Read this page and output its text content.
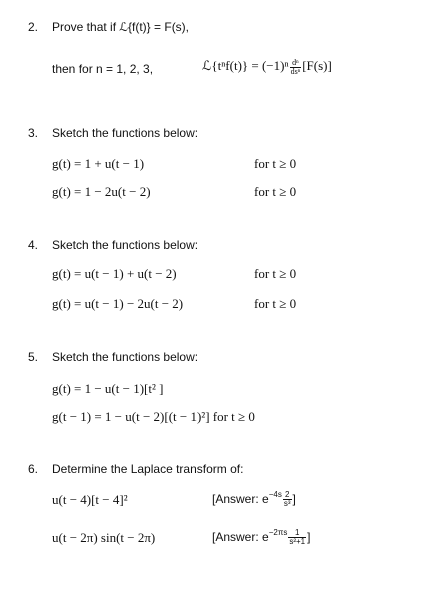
2. Prove that if ℒ{f(t)} = F(s),
then for n = 1, 2, 3,	ℒ{tⁿf(t)} = $(-1)^n \frac{\text{dⁿ}}{\text{dsⁿ}} [F(s)]$
3. Sketch the functions below:
g(t) = 1 + u(t − 1)	for t ≥ 0
g(t) = 1 − 2u(t − 2)	for t ≥ 0
4. Sketch the functions below:
g(t) = u(t − 1) + u(t − 2)	for t ≥ 0
g(t) = u(t − 1) − 2u(t − 2)	for t ≥ 0
5. Sketch the functions below:
g(t) = 1 − u(t − 1)[t² ]
g(t − 1) = 1 − u(t − 2)[(t − 1)²] for t ≥ 0
6. Determine the Laplace transform of:
u(t − 4)[t − 4]²	[Answer: $e^{-4s} \frac{2}{\text{s³}}$ ]
u(t − 2π) sin(t − 2π)	[Answer: $e^{-2\pi s} \frac{1}{\text{s²+1}}$ ]
